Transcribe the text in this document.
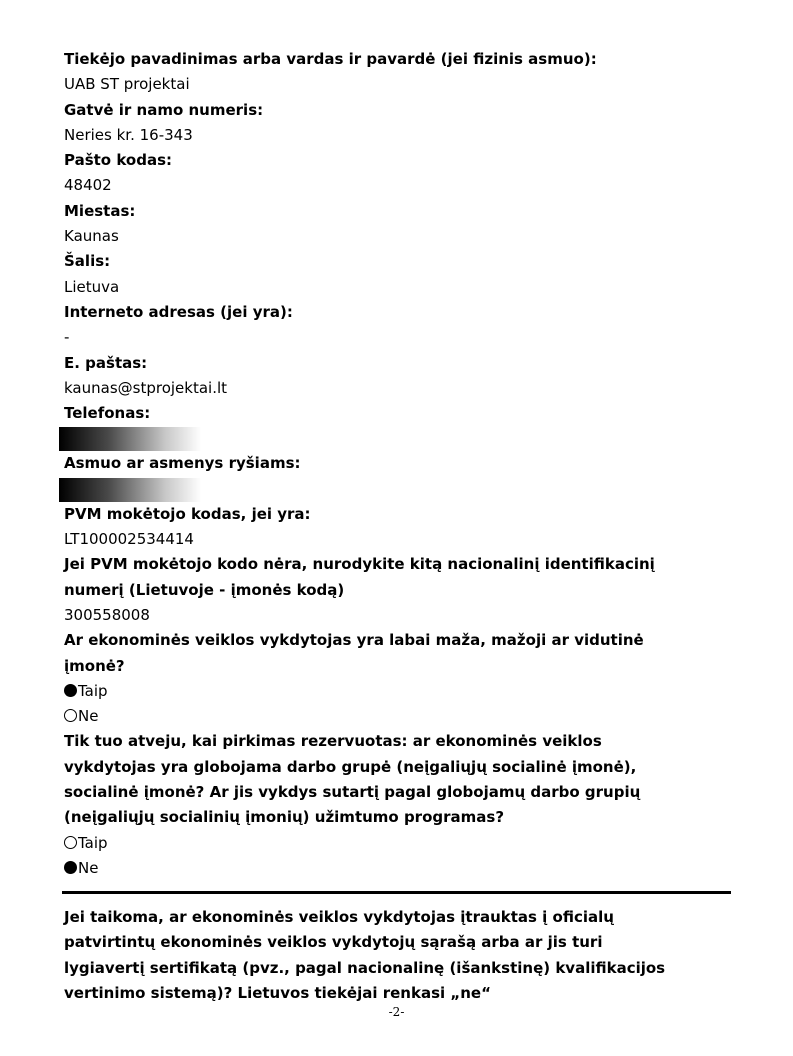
Tiekėjo pavadinimas arba vardas ir pavardė (jei fizinis asmuo):
UAB ST projektai
Gatvė ir namo numeris:
Neries kr. 16-343
Pašto kodas:
48402
Miestas:
Kaunas
Šalis:
Lietuva
Interneto adresas (jei yra):
-
E. paštas:
kaunas@stprojektai.lt
Telefonas:
Asmuo ar asmenys ryšiams:
PVM mokėtojo kodas, jei yra:
LT100002534414
Jei PVM mokėtojo kodo nėra, nurodykite kitą nacionalinį identifikacinį
numerį (Lietuvoje - įmonės kodą)
300558008
Ar ekonominės veiklos vykdytojas yra labai maža, mažoji ar vidutinė
įmonė?
Taip
Ne
Tik tuo atveju, kai pirkimas rezervuotas: ar ekonominės veiklos
vykdytojas yra globojama darbo grupė (neįgaliųjų socialinė įmonė),
socialinė įmonė? Ar jis vykdys sutartį pagal globojamų darbo grupių
(neįgaliųjų socialinių įmonių) užimtumo programas?
Taip
Ne
Jei taikoma, ar ekonominės veiklos vykdytojas įtrauktas į oficialų
patvirtintų ekonominės veiklos vykdytojų sąrašą arba ar jis turi
lygiavertį sertifikatą (pvz., pagal nacionalinę (išankstinę) kvalifikacijos
vertinimo sistemą)? Lietuvos tiekėjai renkasi „ne“
-2-
